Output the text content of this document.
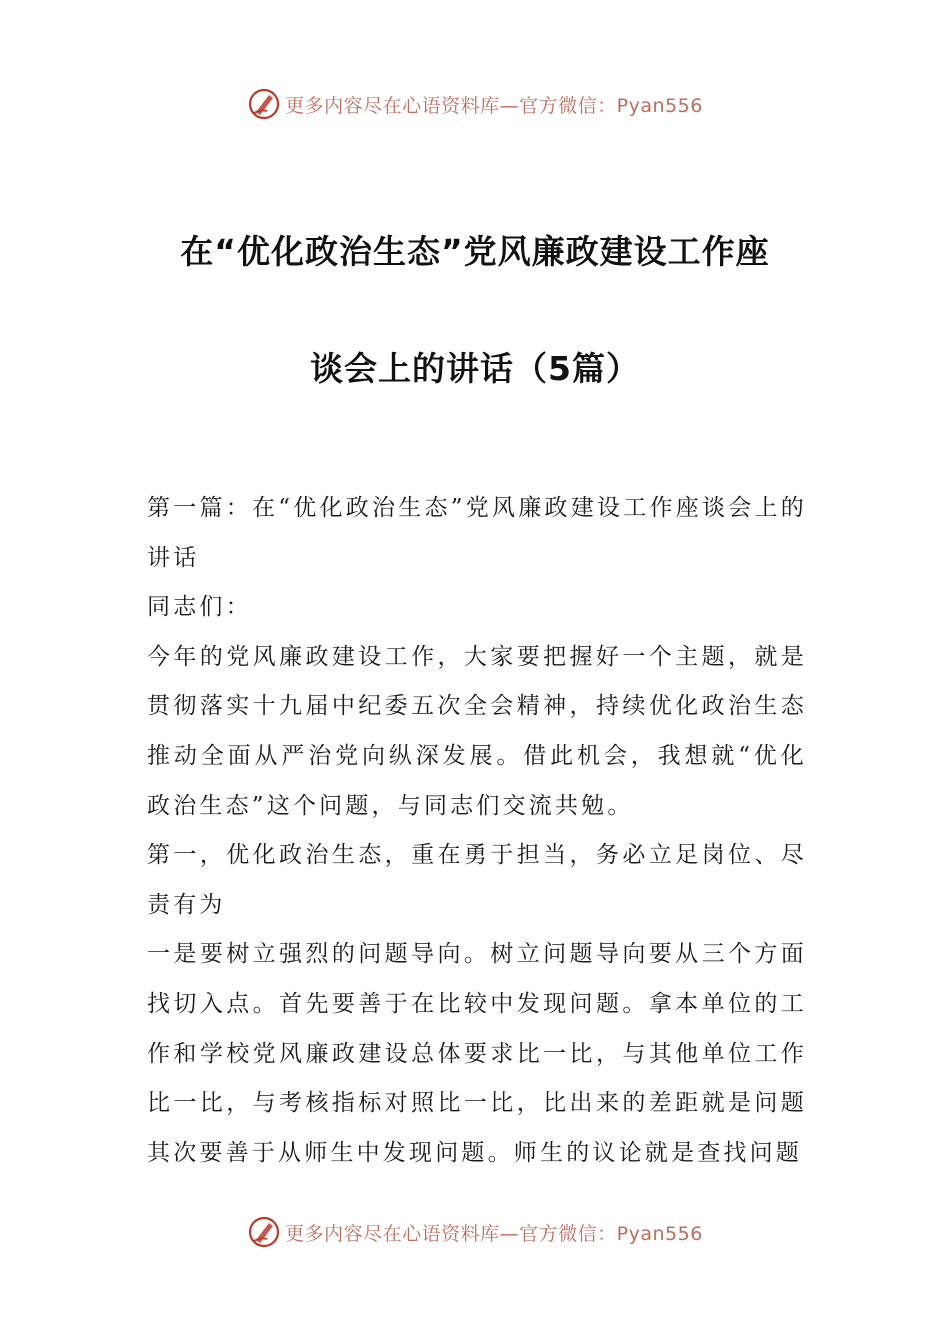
更多内容尽在心语资料库—官方微信：Pyan556
在“优化政治生态”党风廉政建设工作座
谈会上的讲话（5篇）

第一篇：在“优化政治生态”党风廉政建设工作座谈会上的讲话

同志们：

今年的党风廉政建设工作，大家要把握好一个主题，就是贯彻落实十九届中纪委五次全会精神，持续优化政治生态推动全面从严治党向纵深发展。借此机会，我想就“优化政治生态”这个问题，与同志们交流共勉。

第一，优化政治生态，重在勇于担当，务必立足岗位、尽责有为

一是要树立强烈的问题导向。树立问题导向要从三个方面找切入点。首先要善于在比较中发现问题。拿本单位的工作和学校党风廉政建设总体要求比一比，与其他单位工作比一比，与考核指标对照比一比，比出来的差距就是问题其次要善于从师生中发现问题。师生的议论就是查找问题

更多内容尽在心语资料库—官方微信：Pyan556
